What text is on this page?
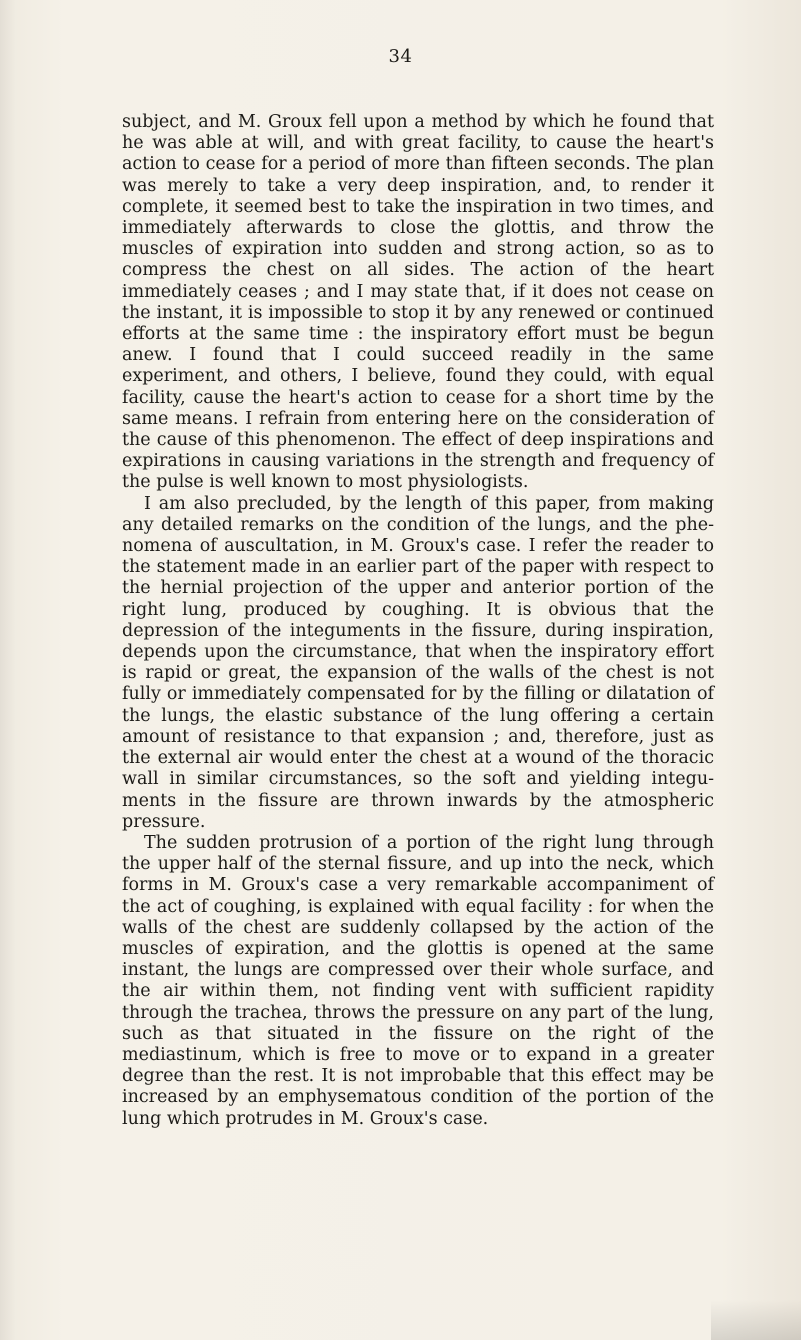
34

subject, and M. Groux fell upon a method by which he found that he was able at will, and with great facility, to cause the heart's action to cease for a period of more than fifteen seconds. The plan was merely to take a very deep inspiration, and, to render it complete, it seemed best to take the inspiration in two times, and immediately afterwards to close the glottis, and throw the muscles of expiration into sudden and strong action, so as to compress the chest on all sides. The action of the heart immediately ceases ; and I may state that, if it does not cease on the instant, it is impossible to stop it by any renewed or continued efforts at the same time : the inspiratory effort must be begun anew. I found that I could succeed readily in the same experiment, and others, I believe, found they could, with equal facility, cause the heart's action to cease for a short time by the same means. I refrain from entering here on the consideration of the cause of this phenomenon. The effect of deep inspirations and expirations in causing variations in the strength and frequency of the pulse is well known to most physiologists.

I am also precluded, by the length of this paper, from making any detailed remarks on the condition of the lungs, and the phe- nomena of auscultation, in M. Groux's case. I refer the reader to the statement made in an earlier part of the paper with respect to the hernial projection of the upper and anterior portion of the right lung, produced by coughing. It is obvious that the depression of the integuments in the fissure, during inspiration, depends upon the circumstance, that when the inspiratory effort is rapid or great, the expansion of the walls of the chest is not fully or immediately compensated for by the filling or dilatation of the lungs, the elastic substance of the lung offering a certain amount of resistance to that expansion ; and, therefore, just as the external air would enter the chest at a wound of the thoracic wall in similar circumstances, so the soft and yielding integu- ments in the fissure are thrown inwards by the atmospheric pressure.

The sudden protrusion of a portion of the right lung through the upper half of the sternal fissure, and up into the neck, which forms in M. Groux's case a very remarkable accompaniment of the act of coughing, is explained with equal facility : for when the walls of the chest are suddenly collapsed by the action of the muscles of expiration, and the glottis is opened at the same instant, the lungs are compressed over their whole surface, and the air within them, not finding vent with sufficient rapidity through the trachea, throws the pressure on any part of the lung, such as that situated in the fissure on the right of the mediastinum, which is free to move or to expand in a greater degree than the rest. It is not improbable that this effect may be increased by an emphysematous condition of the portion of the lung which protrudes in M. Groux's case.
